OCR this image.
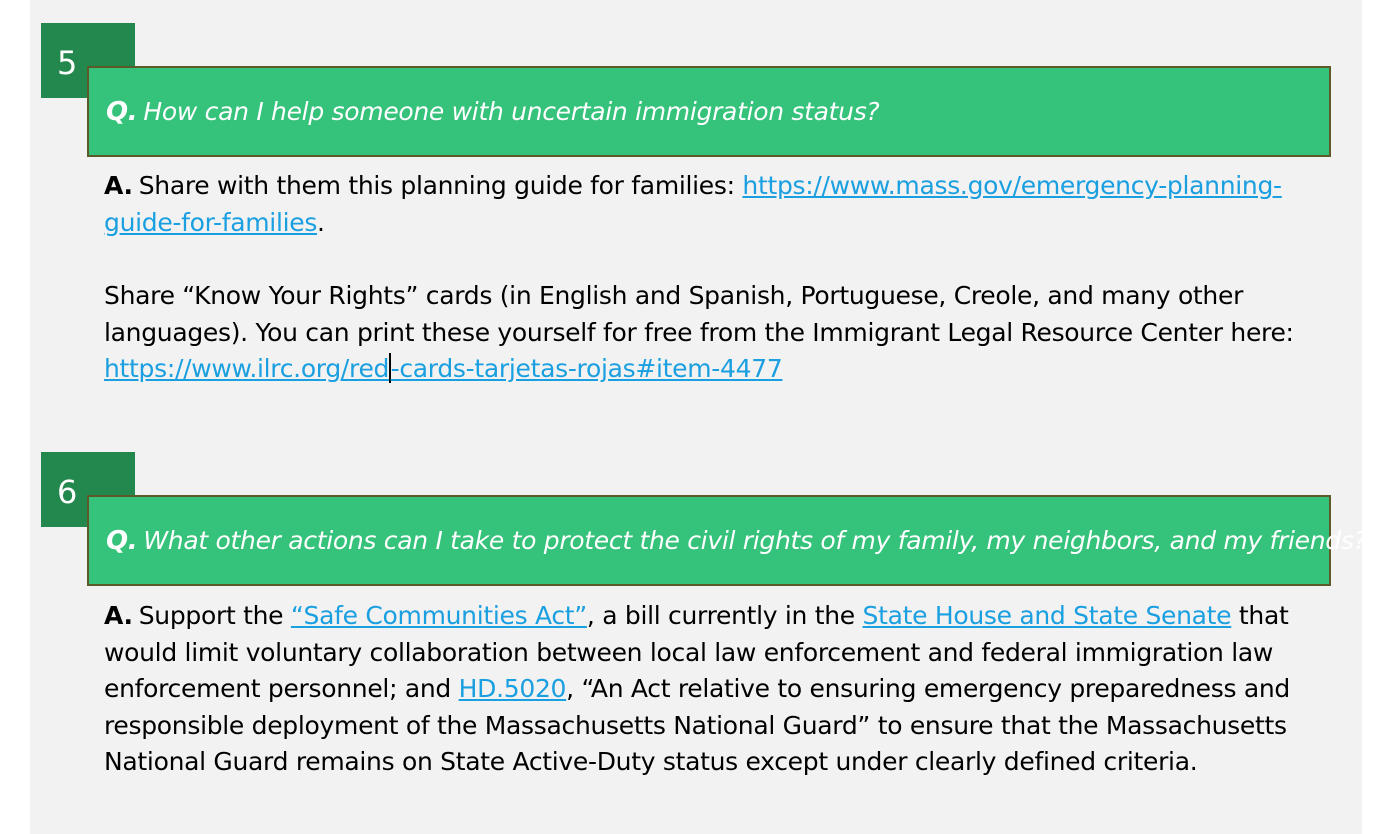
5
Q. How can I help someone with uncertain immigration status?

A. Share with them this planning guide for families: https://www.mass.gov/emergency-planning-guide-for-families.

Share “Know Your Rights” cards (in English and Spanish, Portuguese, Creole, and many other languages). You can print these yourself for free from the Immigrant Legal Resource Center here:
https://www.ilrc.org/red-cards-tarjetas-rojas#item-4477

6
Q. What other actions can I take to protect the civil rights of my family, my neighbors, and my friends?

A. Support the “Safe Communities Act”, a bill currently in the State House and State Senate that would limit voluntary collaboration between local law enforcement and federal immigration law enforcement personnel; and HD.5020, “An Act relative to ensuring emergency preparedness and responsible deployment of the Massachusetts National Guard” to ensure that the Massachusetts National Guard remains on State Active-Duty status except under clearly defined criteria.
